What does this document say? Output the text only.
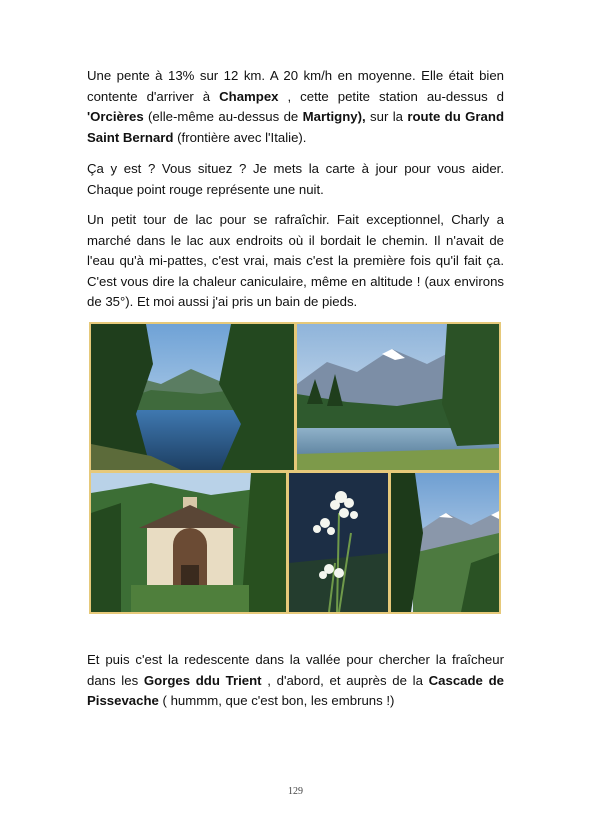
Une pente à 13% sur 12 km. A 20 km/h en moyenne. Elle était bien contente d'arriver à Champex , cette petite station au-dessus d 'Orcières (elle-même au-dessus de Martigny), sur la route du Grand Saint Bernard (frontière avec l'Italie).

Ça y est ? Vous situez ? Je mets la carte à jour pour vous aider. Chaque point rouge représente une nuit.

Un petit tour de lac pour se rafraîchir. Fait exceptionnel, Charly a marché dans le lac aux endroits où il bordait le chemin. Il n'avait de l'eau qu'à mi-pattes, c'est vrai, mais c'est la première fois qu'il fait ça. C'est vous dire la chaleur caniculaire, même en altitude ! (aux environs de 35°). Et moi aussi j'ai pris un bain de pieds.

Et puis c'est la redescente dans la vallée pour chercher la fraîcheur dans les Gorges ddu Trient , d'abord, et auprès de la Cascade de Pissevache ( hummm, que c'est bon, les embruns !)

129
